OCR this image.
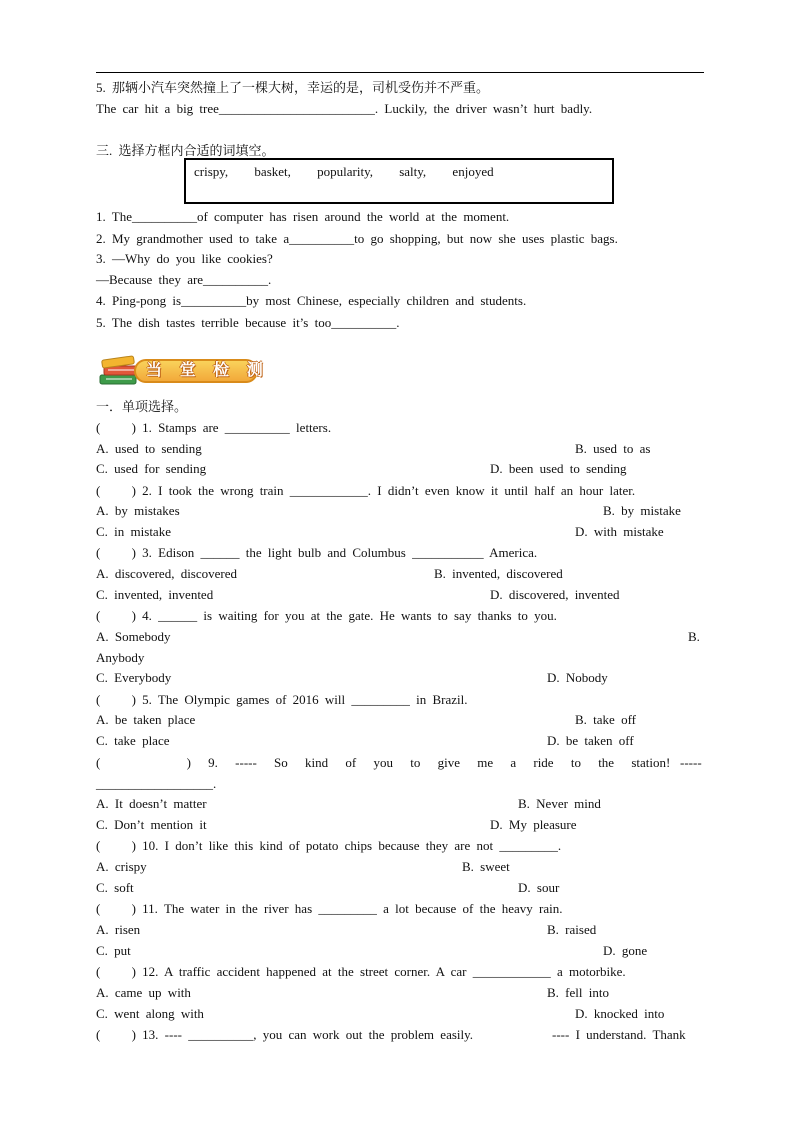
5. 那辆小汽车突然撞上了一棵大树，幸运的是，司机受伤并不严重。
The car hit a big tree________________________. Luckily, the driver wasn’t hurt badly.
三. 选择方框内合适的词填空。
crispy,     basket,     popularity,     salty,     enjoyed
1. The__________of computer has risen around the world at the moment.
2. My grandmother used to take a__________to go shopping, but now she uses plastic bags.
3. —Why do you like cookies?
—Because they are__________.
4. Ping-pong is__________by most Chinese, especially children and students.
5. The dish tastes terrible because it’s too__________.
当 堂 检 测
一．单项选择。
(     ) 1. Stamps are __________ letters.
A. used to sending	B. used to as
C. used for sending	D. been used to sending
(     ) 2. I took the wrong train ____________. I didn’t even know it until half an hour later.
A. by mistakes	B. by mistake
C. in mistake	D. with mistake
(     ) 3. Edison ______ the light bulb and Columbus ___________ America.
A. discovered, discovered	B. invented, discovered
C. invented, invented	D. discovered, invented
(     ) 4. ______ is waiting for you at the gate. He wants to say thanks to you.
A. Somebody	B.
Anybody
C. Everybody	D. Nobody
(     ) 5. The Olympic games of 2016 will _________ in Brazil.
A. be taken place	B. take off
C. take place	D. be taken off
(     ) 9. ----- So kind of you to give me a ride to the station! -----
__________________.
A. It doesn’t matter	B. Never mind
C. Don’t mention it	D. My pleasure
(     ) 10. I don’t like this kind of potato chips because they are not _________.
A. crispy	B. sweet
C. soft	D. sour
(     ) 11. The water in the river has _________ a lot because of the heavy rain.
A. risen	B. raised
C. put	D. gone
(     ) 12. A traffic accident happened at the street corner. A car ____________ a motorbike.
A. came up with	B. fell into
C. went along with	D. knocked into
(     ) 13. ---- __________, you can work out the problem easily.	---- I understand. Thank
